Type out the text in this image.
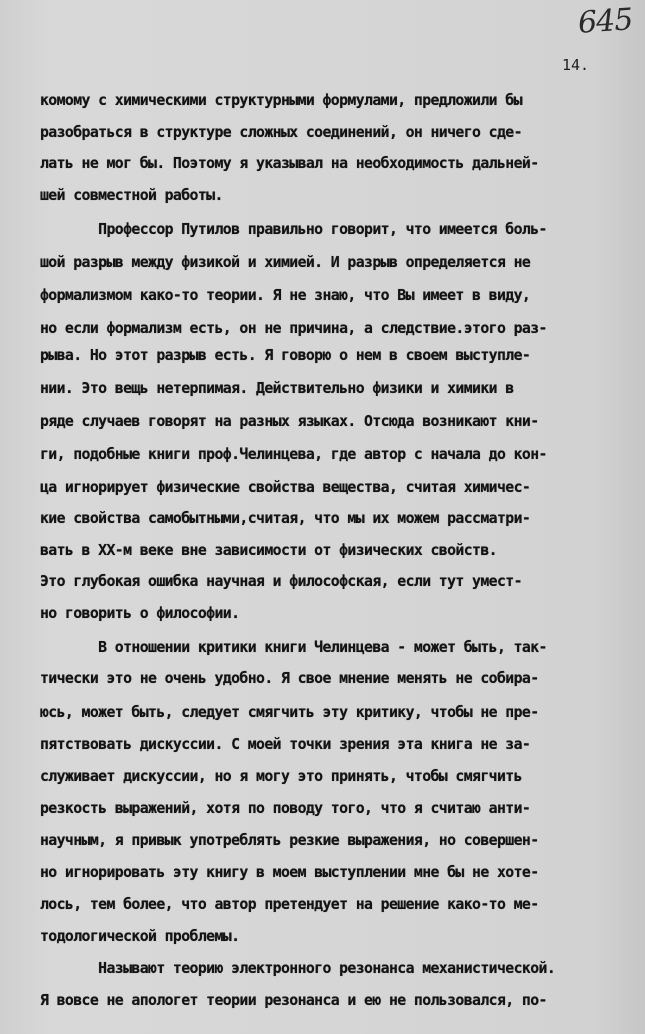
645
14.
комому с химическими структурными формулами, предложили бы
разобраться в структуре сложных соединений, он ничего сде-
лать не мог бы. Поэтому я указывал на необходимость дальней-
шей совместной работы.
Профессор Путилов правильно говорит, что имеется боль-
шой разрыв между физикой и химией. И разрыв определяется не
формализмом како-то теории. Я не знаю, что Вы имеет в виду,
но если формализм есть, он не причина, а следствие.этого раз-
рыва. Но этот разрыв есть. Я говорю о нем в своем выступле-
нии. Это вещь нетерпимая. Действительно физики и химики в
ряде случаев говорят на разных языках. Отсюда возникают кни-
ги, подобные книги проф.Челинцева, где автор с начала до кон-
ца игнорирует физические свойства вещества, считая химичес-
кие свойства самобытными,считая, что мы их можем рассматри-
вать в XX-м веке вне зависимости от физических свойств.
Это глубокая ошибка научная и философская, если тут умест-
но говорить о философии.
В отношении критики книги Челинцева - может быть, так-
тически это не очень удобно. Я свое мнение менять не собира-
юсь, может быть, следует смягчить эту критику, чтобы не пре-
пятствовать дискуссии. С моей точки зрения эта книга не за-
служивает дискуссии, но я могу это принять, чтобы смягчить
резкость выражений, хотя по поводу того, что я считаю анти-
научным, я привык употреблять резкие выражения, но совершен-
но игнорировать эту книгу в моем выступлении мне бы не хоте-
лось, тем более, что автор претендует на решение како-то ме-
тодологической проблемы.
Называют теорию электронного резонанса механистической.
Я вовсе не апологет теории резонанса и ею не пользовался, по-
